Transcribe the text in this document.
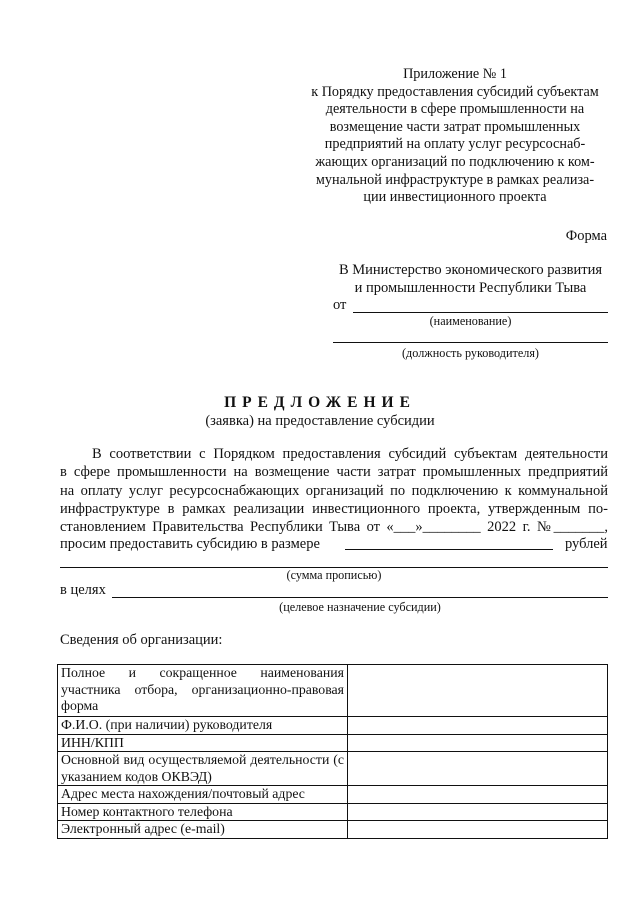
Приложение № 1
к Порядку предоставления субсидий субъектам
деятельности в сфере промышленности на
возмещение части затрат промышленных
предприятий на оплату услуг ресурсоснаб-
жающих организаций по подключению к ком-
мунальной инфраструктуре в рамках реализа-
ции инвестиционного проекта
Форма
В Министерство экономического развития
и промышленности Республики Тыва
от
(наименование)
(должность руководителя)
ПРЕДЛОЖЕНИЕ
(заявка) на предоставление субсидии
В соответствии с Порядком предоставления субсидий субъектам деятельности
в сфере промышленности на возмещение части затрат промышленных предприятий
на оплату услуг ресурсоснабжающих организаций по подключению к коммунальной
инфраструктуре в рамках реализации инвестиционного проекта, утвержденным по-
становлением Правительства Республики Тыва от «___»________ 2022 г. №_______,
просим предоставить субсидию в размере	рублей
(сумма прописью)
в целях
(целевое назначение субсидии)
Сведения об организации:
Полное и сокращенное наименования участника отбора, организационно-правовая форма	
Ф.И.О. (при наличии) руководителя	
ИНН/КПП	
Основной вид осуществляемой деятельности (с указанием кодов ОКВЭД)	
Адрес места нахождения/почтовый адрес	
Номер контактного телефона	
Электронный адрес (e-mail)	
